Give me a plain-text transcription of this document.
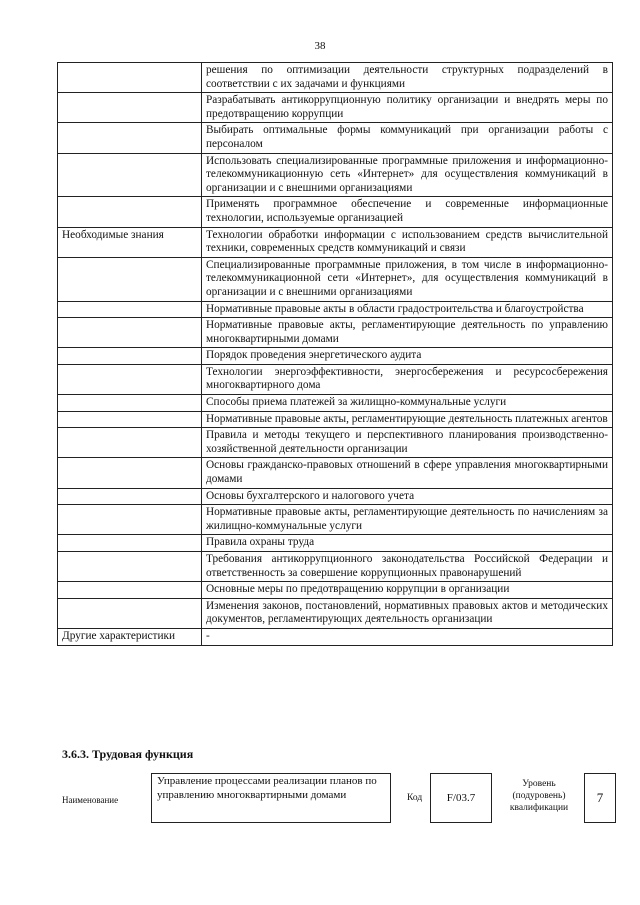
38
	решения по оптимизации деятельности структурных подразделений в соответствии с их задачами и функциями
	Разрабатывать антикоррупционную политику организации и внедрять меры по предотвращению коррупции
	Выбирать оптимальные формы коммуникаций при организации работы с персоналом
	Использовать специализированные программные приложения и информационно-телекоммуникационную сеть «Интернет» для осуществления коммуникаций в организации и с внешними организациями
	Применять программное обеспечение и современные информационные технологии, используемые организацией
Необходимые знания	Технологии обработки информации с использованием средств вычислительной техники, современных средств коммуникаций и связи
	Специализированные программные приложения, в том числе в информационно-телекоммуникационной сети «Интернет», для осуществления коммуникаций в организации и с внешними организациями
	Нормативные правовые акты в области градостроительства и благоустройства
	Нормативные правовые акты, регламентирующие деятельность по управлению многоквартирными домами
	Порядок проведения энергетического аудита
	Технологии энергоэффективности, энергосбережения и ресурсосбережения многоквартирного дома
	Способы приема платежей за жилищно-коммунальные услуги
	Нормативные правовые акты, регламентирующие деятельность платежных агентов
	Правила и методы текущего и перспективного планирования производственно-хозяйственной деятельности организации
	Основы гражданско-правовых отношений в сфере управления многоквартирными домами
	Основы бухгалтерского и налогового учета
	Нормативные правовые акты, регламентирующие деятельность по начислениям за жилищно-коммунальные услуги
	Правила охраны труда
	Требования антикоррупционного законодательства Российской Федерации и ответственность за совершение коррупционных правонарушений
	Основные меры по предотвращению коррупции в организации
	Изменения законов, постановлений, нормативных правовых актов и методических документов, регламентирующих деятельность организации
Другие характеристики	-
3.6.3. Трудовая функция
Наименование
Управление процессами реализации планов по управлению многоквартирными домами	Код	F/03.7
Уровень (подуровень) квалификации
7
